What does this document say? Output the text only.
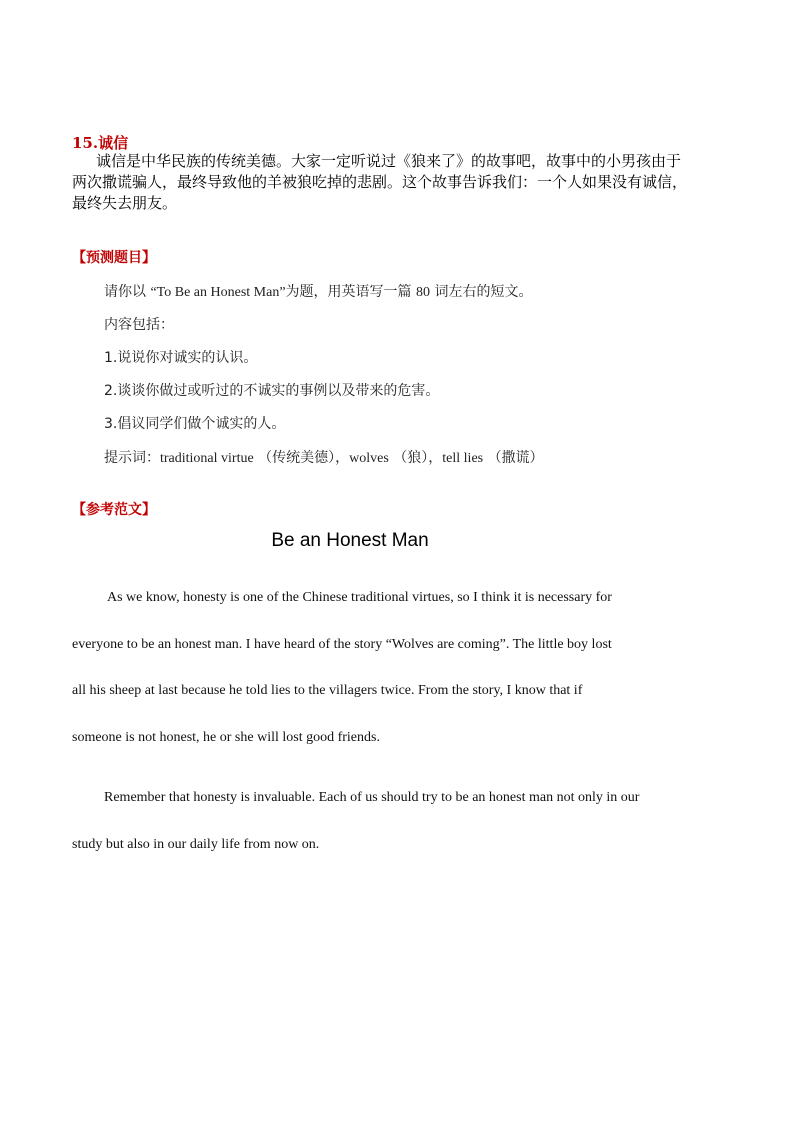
15.诚信
诚信是中华民族的传统美德。大家一定听说过《狼来了》的故事吧，故事中的小男孩由于
两次撒谎骗人，最终导致他的羊被狼吃掉的悲剧。这个故事告诉我们：一个人如果没有诚信，
最终失去朋友。
【预测题目】
请你以 “To Be an Honest Man”为题，用英语写一篇 80 词左右的短文。
内容包括：
1.说说你对诚实的认识。
2.谈谈你做过或听过的不诚实的事例以及带来的危害。
3.倡议同学们做个诚实的人。
提示词：traditional virtue （传统美德），wolves （狼），tell lies （撒谎）
【参考范文】
Be an Honest Man
As we know, honesty is one of the Chinese traditional virtues, so I think it is necessary for
everyone to be an honest man. I have heard of the story “Wolves are coming”. The little boy lost
all his sheep at last because he told lies to the villagers twice. From the story, I know that if
someone is not honest, he or she will lost good friends.
Remember that honesty is invaluable. Each of us should try to be an honest man not only in our
study but also in our daily life from now on.
